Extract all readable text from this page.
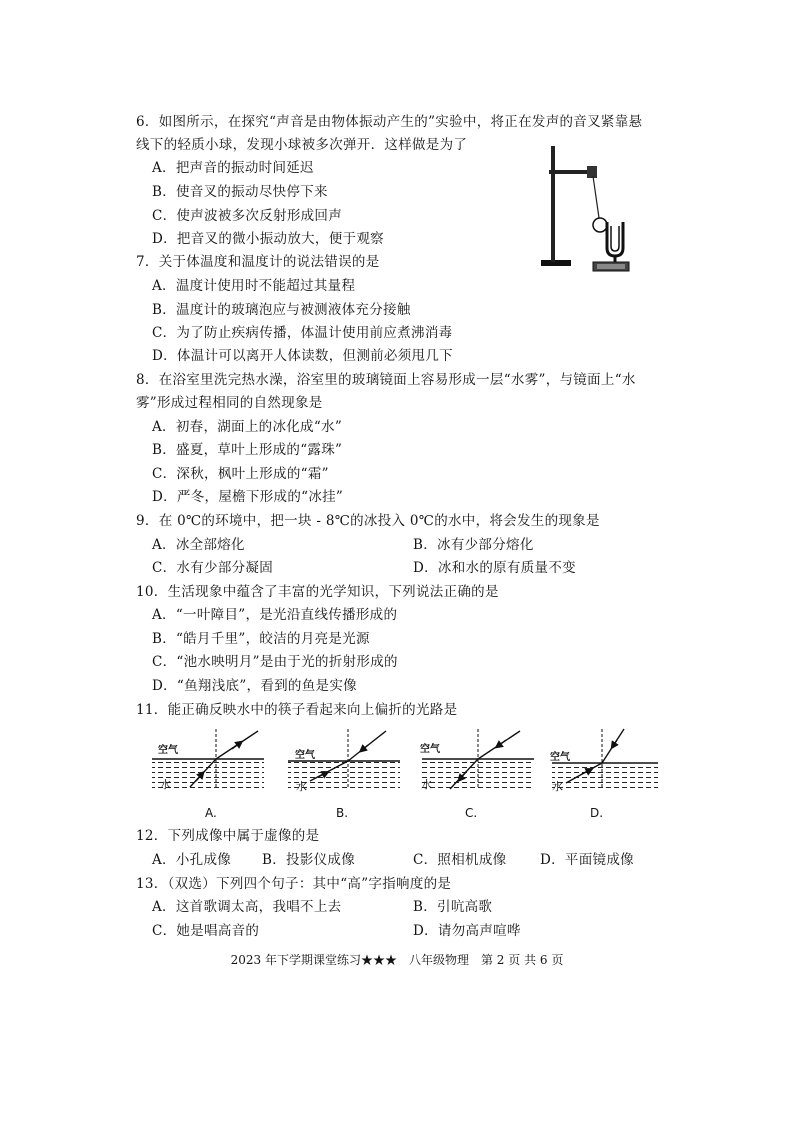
6．如图所示，在探究“声音是由物体振动产生的”实验中，将正在发声的音叉紧靠悬
线下的轻质小球，发现小球被多次弹开．这样做是为了
A．把声音的振动时间延迟
B．使音叉的振动尽快停下来
C．使声波被多次反射形成回声
D．把音叉的微小振动放大，便于观察
7．关于体温度和温度计的说法错误的是
A．温度计使用时不能超过其量程
B．温度计的玻璃泡应与被测液体充分接触
C．为了防止疾病传播，体温计使用前应煮沸消毒
D．体温计可以离开人体读数，但测前必须甩几下
8．在浴室里洗完热水澡，浴室里的玻璃镜面上容易形成一层“水雾”，与镜面上“水
雾”形成过程相同的自然现象是
A．初春，湖面上的冰化成“水”
B．盛夏，草叶上形成的“露珠”
C．深秋，枫叶上形成的“霜”
D．严冬，屋檐下形成的“冰挂”
9．在 0℃的环境中，把一块 - 8℃的冰投入 0℃的水中，将会发生的现象是
A．冰全部熔化	B．冰有少部分熔化
C．水有少部分凝固	D．冰和水的原有质量不变
10．生活现象中蕴含了丰富的光学知识，下列说法正确的是
A．“一叶障目”，是光沿直线传播形成的
B．“皓月千里”，皎洁的月亮是光源
C．“池水映明月”是由于光的折射形成的
D．“鱼翔浅底”，看到的鱼是实像
11．能正确反映水中的筷子看起来向上偏折的光路是
空气
水
空气
水
空气
水
空气
水
A.	B.	C.	D.
12．下列成像中属于虚像的是
A．小孔成像 B．投影仪成像	C．照相机成像 D．平面镜成像
13．（双选）下列四个句子：其中“高”字指响度的是
A．这首歌调太高，我唱不上去	B．引吭高歌
C．她是唱高音的	D．请勿高声喧哗
2023 年下学期课堂练习★★★　八年级物理　第 2 页 共 6 页
